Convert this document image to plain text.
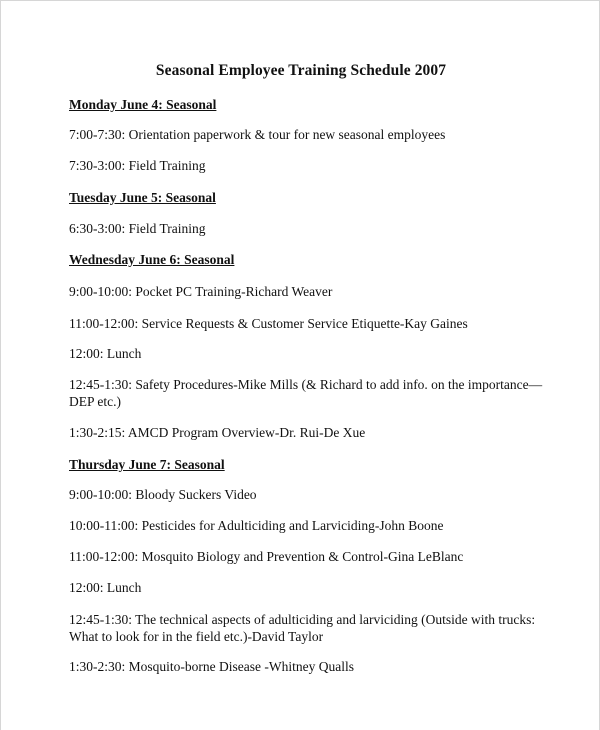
Seasonal Employee Training Schedule 2007
Monday June 4: Seasonal
7:00-7:30: Orientation paperwork & tour for new seasonal employees
7:30-3:00: Field Training
Tuesday June 5: Seasonal
6:30-3:00: Field Training
Wednesday June 6: Seasonal
9:00-10:00: Pocket PC Training-Richard Weaver
11:00-12:00: Service Requests & Customer Service Etiquette-Kay Gaines
12:00: Lunch
12:45-1:30: Safety Procedures-Mike Mills (& Richard to add info. on the importance—DEP etc.)
1:30-2:15: AMCD Program Overview-Dr. Rui-De Xue
Thursday June 7: Seasonal
9:00-10:00: Bloody Suckers Video
10:00-11:00: Pesticides for Adulticiding and Larviciding-John Boone
11:00-12:00: Mosquito Biology and Prevention & Control-Gina LeBlanc
12:00: Lunch
12:45-1:30: The technical aspects of adulticiding and larviciding (Outside with trucks: What to look for in the field etc.)-David Taylor
1:30-2:30: Mosquito-borne Disease -Whitney Qualls
